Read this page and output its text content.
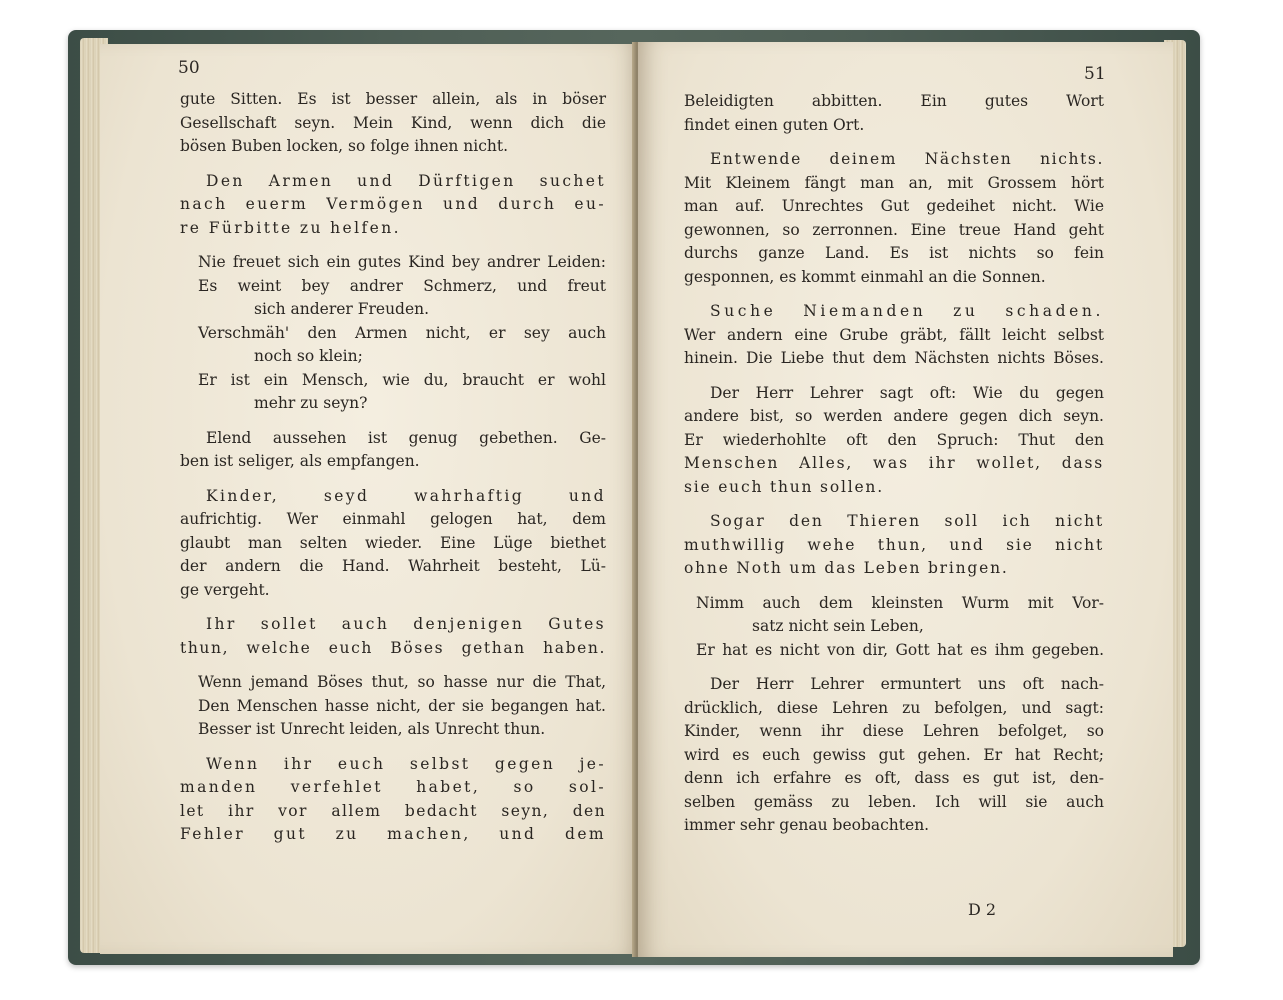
50
gute Sitten. Es ist besser allein, als in böser
Gesellschaft seyn. Mein Kind, wenn dich die
bösen Buben locken, so folge ihnen nicht.
Den Armen und Dürftigen suchet
nach euerm Vermögen und durch eu-
re Fürbitte zu helfen.
Nie freuet sich ein gutes Kind bey andrer Leiden:
Es weint bey andrer Schmerz, und freut
sich anderer Freuden.
Verschmäh' den Armen nicht, er sey auch
noch so klein;
Er ist ein Mensch, wie du, braucht er wohl
mehr zu seyn?
Elend aussehen ist genug gebethen. Ge-
ben ist seliger, als empfangen.
Kinder, seyd wahrhaftig und
aufrichtig. Wer einmahl gelogen hat, dem
glaubt man selten wieder. Eine Lüge biethet
der andern die Hand. Wahrheit besteht, Lü-
ge vergeht.
Ihr sollet auch denjenigen Gutes
thun, welche euch Böses gethan haben.
Wenn jemand Böses thut, so hasse nur die That,
Den Menschen hasse nicht, der sie begangen hat.
Besser ist Unrecht leiden, als Unrecht thun.
Wenn ihr euch selbst gegen je-
manden verfehlet habet, so sol-
let ihr vor allem bedacht seyn, den
Fehler gut zu machen, und dem
51
Beleidigten abbitten. Ein gutes Wort
findet einen guten Ort.
Entwende deinem Nächsten nichts.
Mit Kleinem fängt man an, mit Grossem hört
man auf. Unrechtes Gut gedeihet nicht. Wie
gewonnen, so zerronnen. Eine treue Hand geht
durchs ganze Land. Es ist nichts so fein
gesponnen, es kommt einmahl an die Sonnen.
Suche Niemanden zu schaden.
Wer andern eine Grube gräbt, fällt leicht selbst
hinein. Die Liebe thut dem Nächsten nichts Böses.
Der Herr Lehrer sagt oft: Wie du gegen
andere bist, so werden andere gegen dich seyn.
Er wiederhohlte oft den Spruch: Thut den
Menschen Alles, was ihr wollet, dass
sie euch thun sollen.
Sogar den Thieren soll ich nicht
muthwillig wehe thun, und sie nicht
ohne Noth um das Leben bringen.
Nimm auch dem kleinsten Wurm mit Vor-
satz nicht sein Leben,
Er hat es nicht von dir, Gott hat es ihm gegeben.
Der Herr Lehrer ermuntert uns oft nach-
drücklich, diese Lehren zu befolgen, und sagt:
Kinder, wenn ihr diese Lehren befolget, so
wird es euch gewiss gut gehen. Er hat Recht;
denn ich erfahre es oft, dass es gut ist, den-
selben gemäss zu leben. Ich will sie auch
immer sehr genau beobachten.
D 2
